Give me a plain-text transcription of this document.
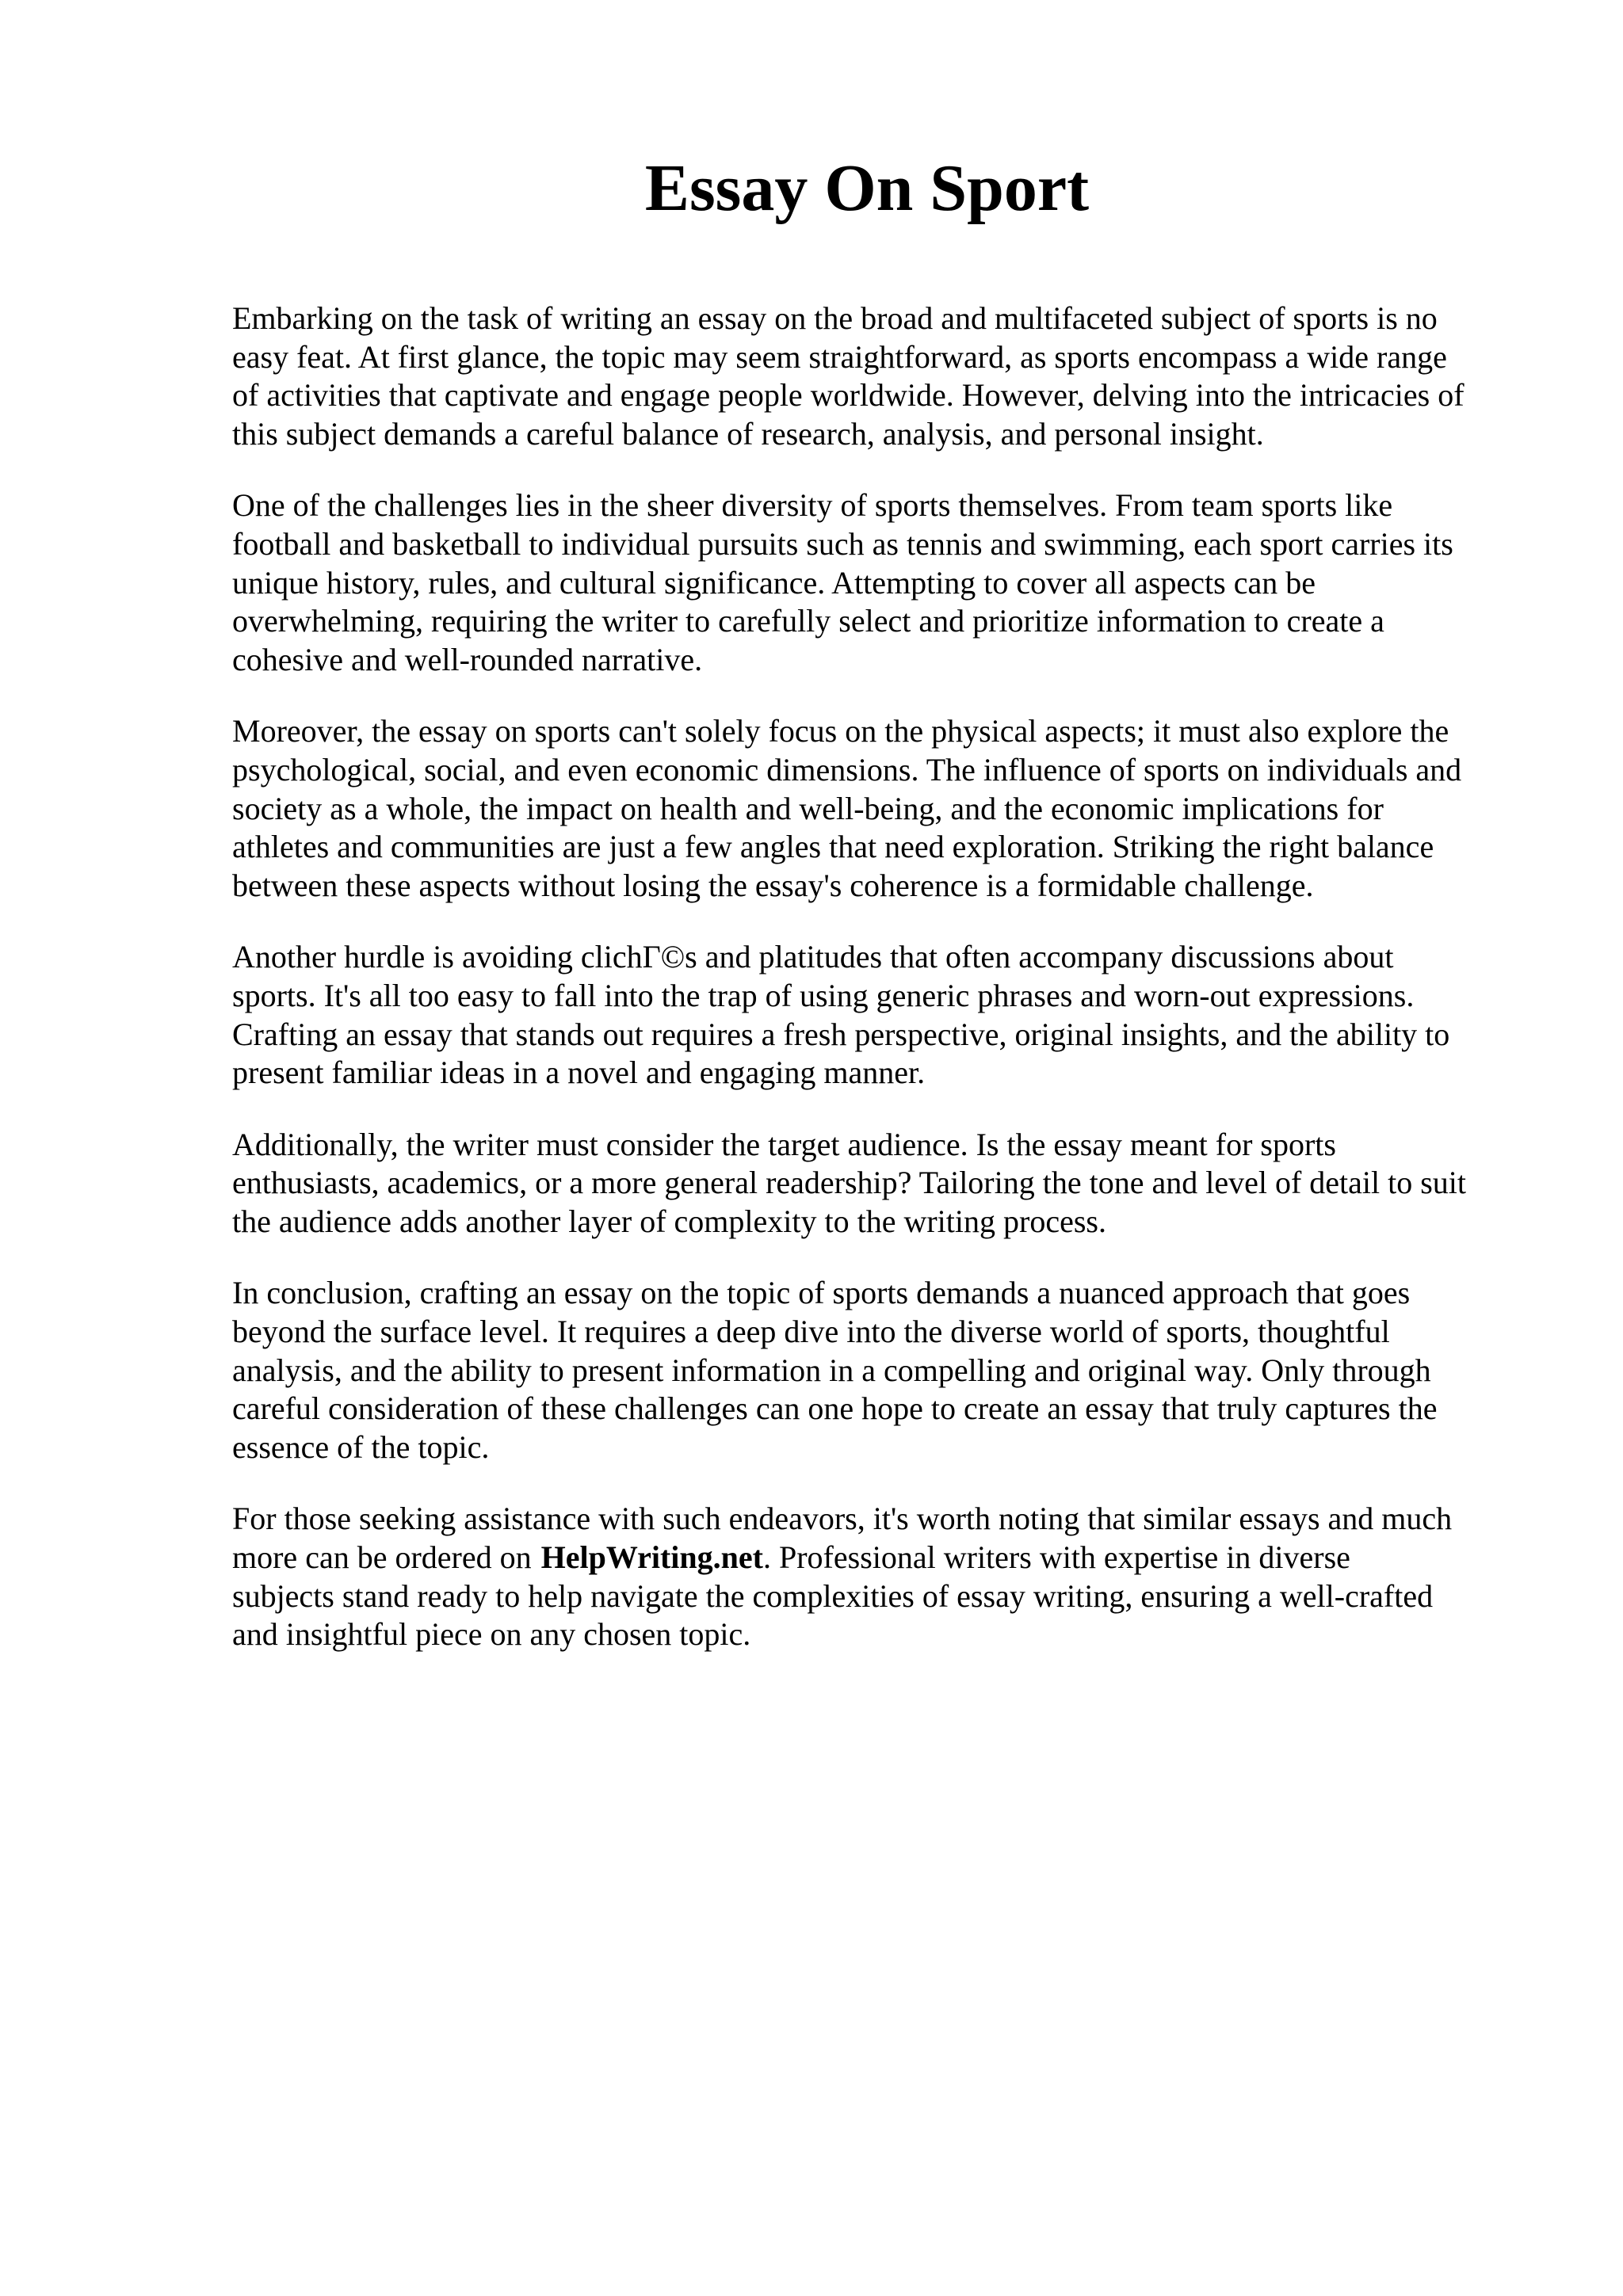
Essay On Sport

Embarking on the task of writing an essay on the broad and multifaceted subject of sports is no
easy feat. At first glance, the topic may seem straightforward, as sports encompass a wide range
of activities that captivate and engage people worldwide. However, delving into the intricacies of
this subject demands a careful balance of research, analysis, and personal insight.

One of the challenges lies in the sheer diversity of sports themselves. From team sports like
football and basketball to individual pursuits such as tennis and swimming, each sport carries its
unique history, rules, and cultural significance. Attempting to cover all aspects can be
overwhelming, requiring the writer to carefully select and prioritize information to create a
cohesive and well-rounded narrative.

Moreover, the essay on sports can't solely focus on the physical aspects; it must also explore the
psychological, social, and even economic dimensions. The influence of sports on individuals and
society as a whole, the impact on health and well-being, and the economic implications for
athletes and communities are just a few angles that need exploration. Striking the right balance
between these aspects without losing the essay's coherence is a formidable challenge.

Another hurdle is avoiding clichΓ©s and platitudes that often accompany discussions about
sports. It's all too easy to fall into the trap of using generic phrases and worn-out expressions.
Crafting an essay that stands out requires a fresh perspective, original insights, and the ability to
present familiar ideas in a novel and engaging manner.

Additionally, the writer must consider the target audience. Is the essay meant for sports
enthusiasts, academics, or a more general readership? Tailoring the tone and level of detail to suit
the audience adds another layer of complexity to the writing process.

In conclusion, crafting an essay on the topic of sports demands a nuanced approach that goes
beyond the surface level. It requires a deep dive into the diverse world of sports, thoughtful
analysis, and the ability to present information in a compelling and original way. Only through
careful consideration of these challenges can one hope to create an essay that truly captures the
essence of the topic.

For those seeking assistance with such endeavors, it's worth noting that similar essays and much
more can be ordered on HelpWriting.net. Professional writers with expertise in diverse
subjects stand ready to help navigate the complexities of essay writing, ensuring a well-crafted
and insightful piece on any chosen topic.
